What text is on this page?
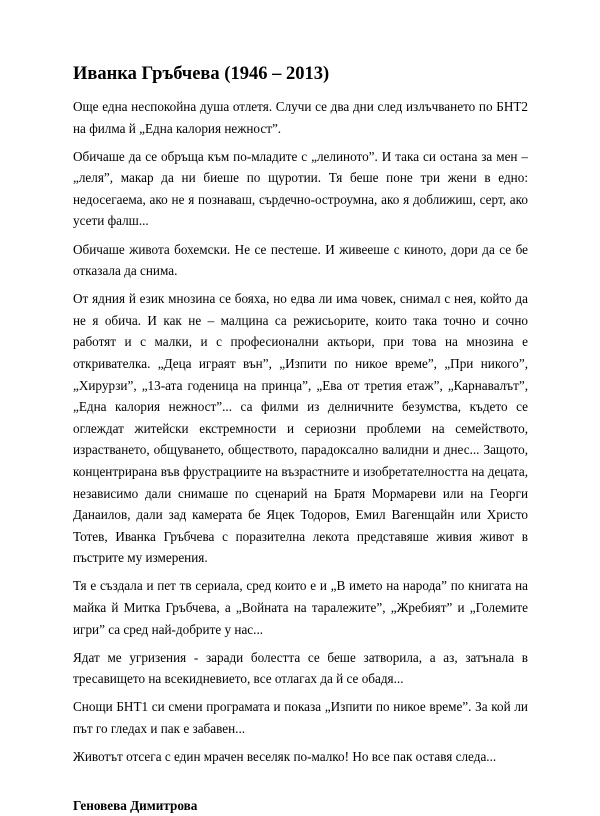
Иванка Гръбчева (1946 – 2013)

Още една неспокойна душа отлетя. Случи се два дни след излъчването по БНТ2 на филма й „Една калория нежност”.

Обичаше да се обръща към по-младите с „лелиното”. И така си остана за мен – „леля”, макар да ни биеше по щуротии. Тя беше поне три жени в едно: недосегаема, ако не я познаваш, сърдечно-остроумна, ако я доближиш, серт, ако усети фалш...

Обичаше живота бохемски. Не се пестеше. И живееше с киното, дори да се бе отказала да снима.

От ядния й език мнозина се бояха, но едва ли има човек, снимал с нея, който да не я обича. И как не – малцина са режисьорите, които така точно и сочно работят и с малки, и с професионални актьори, при това на мнозина е откривателка. „Деца играят вън”, „Изпити по никое време”, „При никого”, „Хирурзи”, „13-ата годеница на принца”, „Ева от третия етаж”, „Карнавалът”, „Една калория нежност”... са филми из делничните безумства, където се оглеждат житейски екстремности и сериозни проблеми на семейството, израстването, общуването, обществото, парадоксално валидни и днес... Защото, концентрирана във фрустрациите на възрастните и изобретателността на децата, независимо дали снимаше по сценарий на Братя Мормареви или на Георги Данаилов, дали зад камерата бе Яцек Тодоров, Емил Вагенщайн или Христо Тотев, Иванка Гръбчева с поразителна лекота представяше живия живот в пъстрите му измерения.

Тя е създала и пет тв сериала, сред които е и „В името на народа” по книгата на майка й Митка Гръбчева, а „Войната на таралежите”, „Жребият” и „Големите игри” са сред най-добрите у нас...

Ядат ме угризения - заради болестта се беше затворила, а аз, затънала в тресавището на всекидневието, все отлагах да й се обадя...

Снощи БНТ1 си смени програмата и показа „Изпити по никое време”. За кой ли път го гледах и пак е забавен...

Животът отсега с един мрачен веселяк по-малко! Но все пак оставя следа...

Геновева Димитрова
